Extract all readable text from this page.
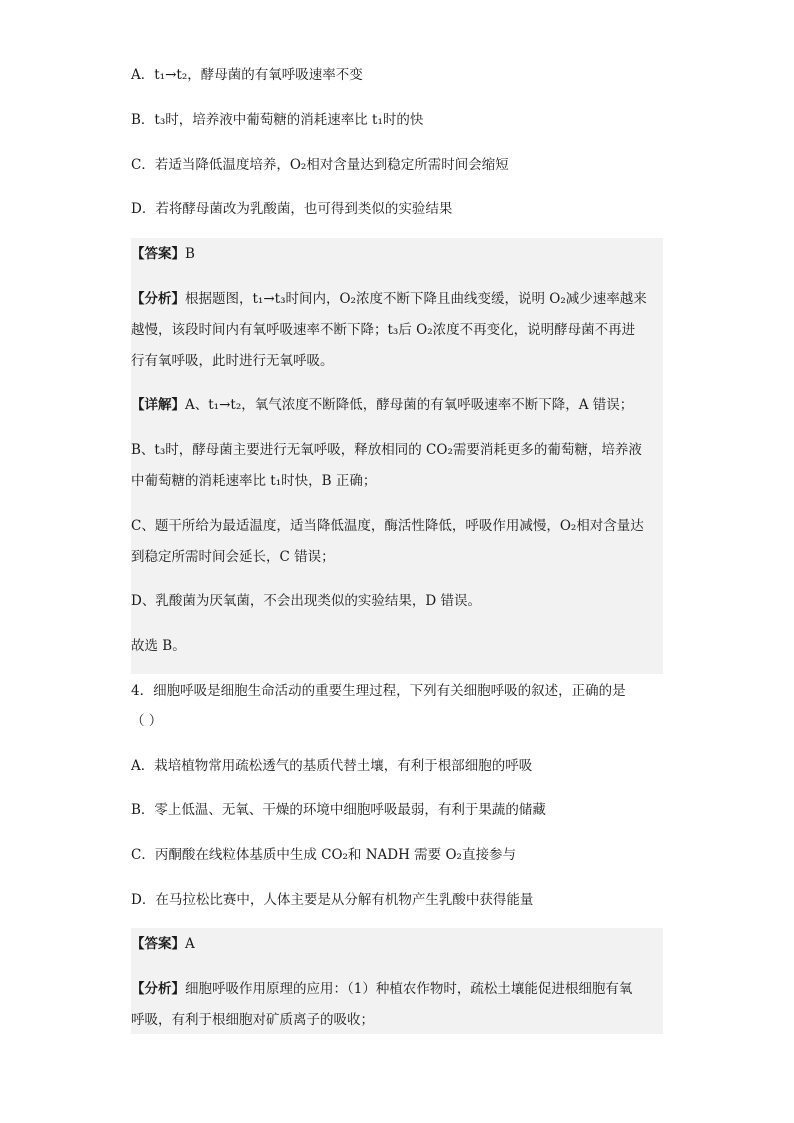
A．t₁→t₂，酵母菌的有氧呼吸速率不变
B．t₃时，培养液中葡萄糖的消耗速率比 t₁时的快
C．若适当降低温度培养，O₂相对含量达到稳定所需时间会缩短
D．若将酵母菌改为乳酸菌，也可得到类似的实验结果
【答案】B
【分析】根据题图，t₁→t₃时间内，O₂浓度不断下降且曲线变缓，说明 O₂减少速率越来
越慢，该段时间内有氧呼吸速率不断下降；t₃后 O₂浓度不再变化，说明酵母菌不再进
行有氧呼吸，此时进行无氧呼吸。
【详解】A、t₁→t₂，氧气浓度不断降低，酵母菌的有氧呼吸速率不断下降，A 错误；
B、t₃时，酵母菌主要进行无氧呼吸，释放相同的 CO₂需要消耗更多的葡萄糖，培养液
中葡萄糖的消耗速率比 t₁时快，B 正确；
C、题干所给为最适温度，适当降低温度，酶活性降低，呼吸作用减慢，O₂相对含量达
到稳定所需时间会延长，C 错误；
D、乳酸菌为厌氧菌，不会出现类似的实验结果，D 错误。
故选 B。
4．细胞呼吸是细胞生命活动的重要生理过程，下列有关细胞呼吸的叙述，正确的是
（ ）
A．栽培植物常用疏松透气的基质代替土壤，有利于根部细胞的呼吸
B．零上低温、无氧、干燥的环境中细胞呼吸最弱，有利于果蔬的储藏
C．丙酮酸在线粒体基质中生成 CO₂和 NADH 需要 O₂直接参与
D．在马拉松比赛中，人体主要是从分解有机物产生乳酸中获得能量
【答案】A
【分析】细胞呼吸作用原理的应用：（1）种植农作物时，疏松土壤能促进根细胞有氧
呼吸，有利于根细胞对矿质离子的吸收；
